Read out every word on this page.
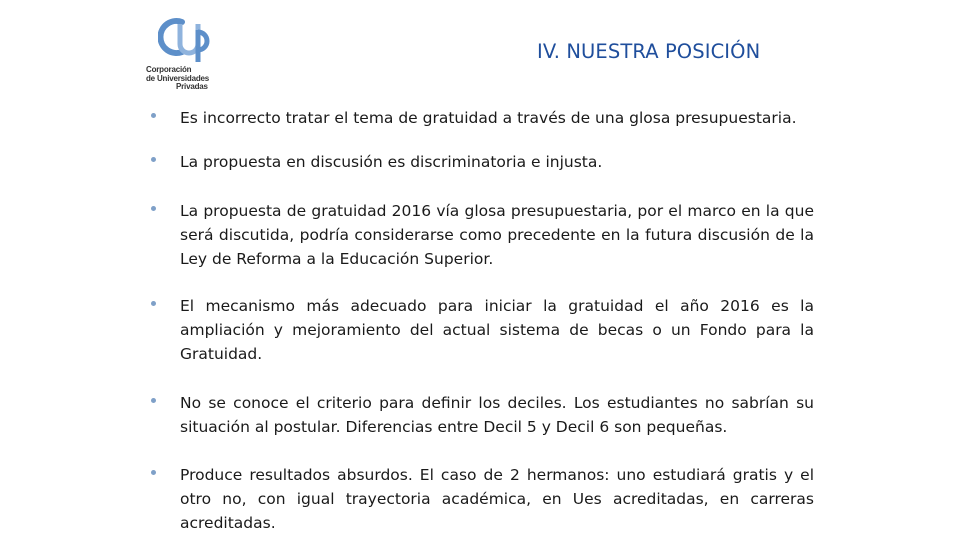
Corporación
de Universidades
Privadas
IV. NUESTRA POSICIÓN
Es incorrecto tratar el tema de gratuidad a través de una glosa presupuestaria.
La propuesta en discusión es discriminatoria e injusta.
La propuesta de gratuidad 2016 vía glosa presupuestaria, por el marco en la que será discutida, podría considerarse como precedente en la futura discusión de la Ley de Reforma a la Educación Superior.
El mecanismo más adecuado para iniciar la gratuidad el año 2016 es la ampliación y mejoramiento del actual sistema de becas o un Fondo para la Gratuidad.
No se conoce el criterio para definir los deciles. Los estudiantes no sabrían su situación al postular. Diferencias entre Decil 5 y Decil 6 son pequeñas.
Produce resultados absurdos. El caso de 2 hermanos: uno estudiará gratis y el otro no, con igual trayectoria académica, en Ues acreditadas, en carreras acreditadas.
